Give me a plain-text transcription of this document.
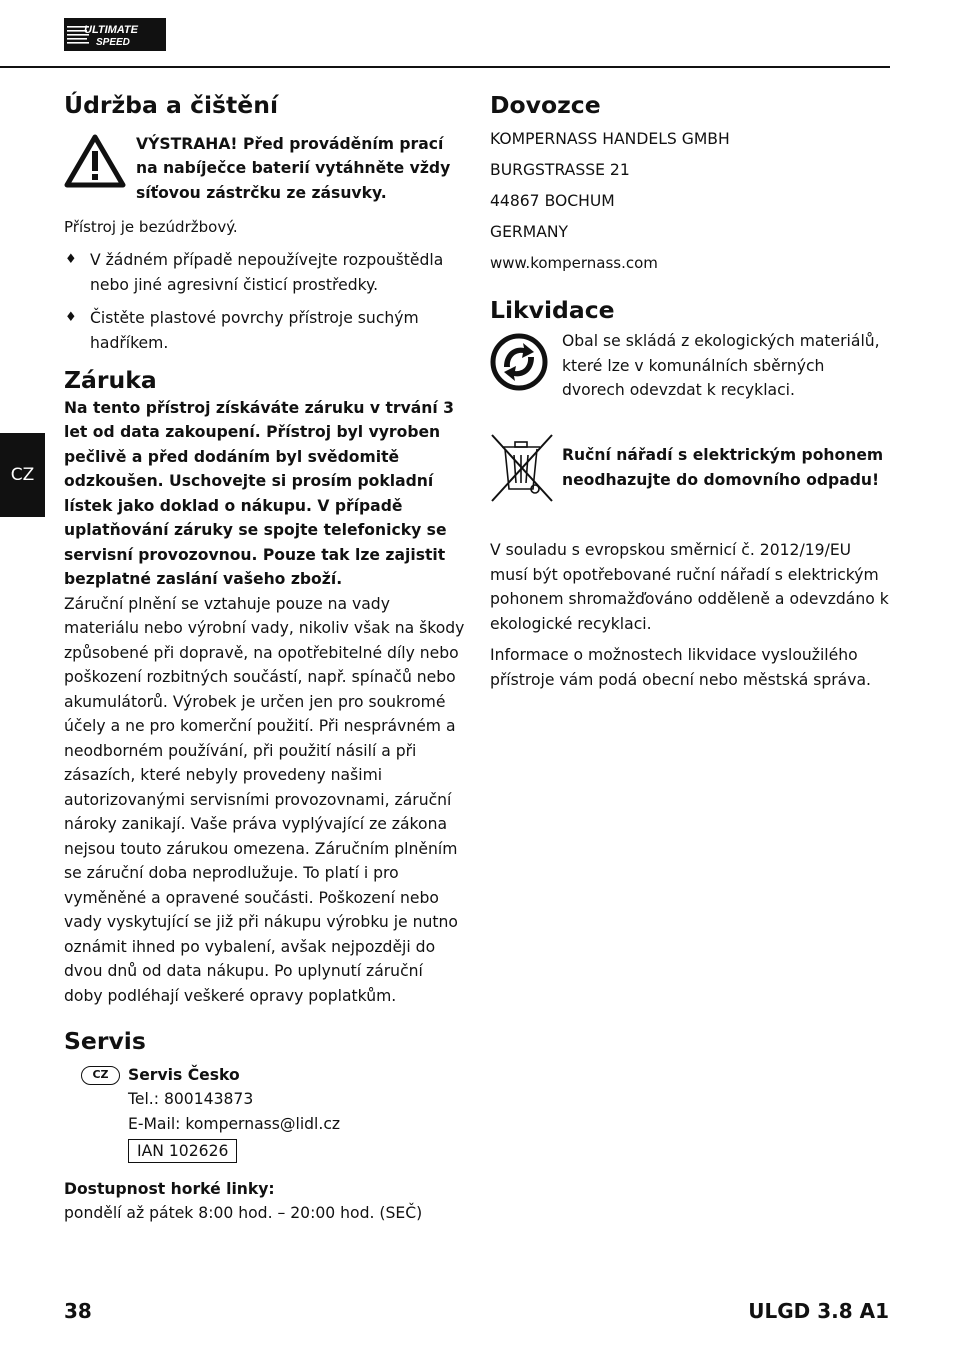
ULTIMATE
SPEED
CZ
Údržba a čištění

VÝSTRAHA! Před prováděním prací na nabíječce baterií vytáhněte vždy síťovou zástrčku ze zásuvky.

Přístroj je bezúdržbový.

♦ V žádném případě nepoužívejte rozpouštědla nebo jiné agresivní čisticí prostředky.
♦ Čistěte plastové povrchy přístroje suchým hadříkem.
Záruka

Na tento přístroj získáváte záruku v trvání 3 let od data zakoupení. Přístroj byl vyroben pečlivě a před dodáním byl svědomitě odzkoušen. Uschovejte si prosím pokladní lístek jako doklad o nákupu. V případě uplatňování záruky se spojte telefonicky se servisní provozovnou. Pouze tak lze zajistit bezplatné zaslání vašeho zboží.

Záruční plnění se vztahuje pouze na vady materiálu nebo výrobní vady, nikoliv však na škody způsobené při dopravě, na opotřebitelné díly nebo poškození rozbitných součástí, např. spínačů nebo akumulátorů. Výrobek je určen jen pro soukromé účely a ne pro komerční použití. Při nesprávném a neodborném používání, při použití násilí a při zásazích, které nebyly provedeny našimi autorizovanými servisními provozovnami, záruční nároky zanikají. Vaše práva vyplývající ze zákona nejsou touto zárukou omezena. Záručním plněním se záruční doba neprodlužuje. To platí i pro vyměněné a opravené součásti. Poškození nebo vady vyskytující se již při nákupu výrobku je nutno oznámit ihned po vybalení, avšak nejpozději do dvou dnů od data nákupu. Po uplynutí záruční doby podléhají veškeré opravy poplatkům.

Servis
CZ	Servis Česko

Tel.: 800143873

E-Mail: kompernass@lidl.cz

IAN 102626

Dostupnost horké linky:

pondělí až pátek 8:00 hod. – 20:00 hod. (SEČ)

Dovozce

KOMPERNASS HANDELS GMBH

BURGSTRASSE 21

44867 BOCHUM

GERMANY

www.kompernass.com

Likvidace

Obal se skládá z ekologických materiálů, které lze v komunálních sběrných dvorech odevzdat k recyklaci.

Ruční nářadí s elektrickým pohonem neodhazujte do domovního odpadu!

V souladu s evropskou směrnicí č. 2012/19/EU musí být opotřebované ruční nářadí s elektrickým pohonem shromažďováno odděleně a odevzdáno k ekologické recyklaci.

Informace o možnostech likvidace vysloužilého přístroje vám podá obecní nebo městská správa.

38	ULGD 3.8 A1
